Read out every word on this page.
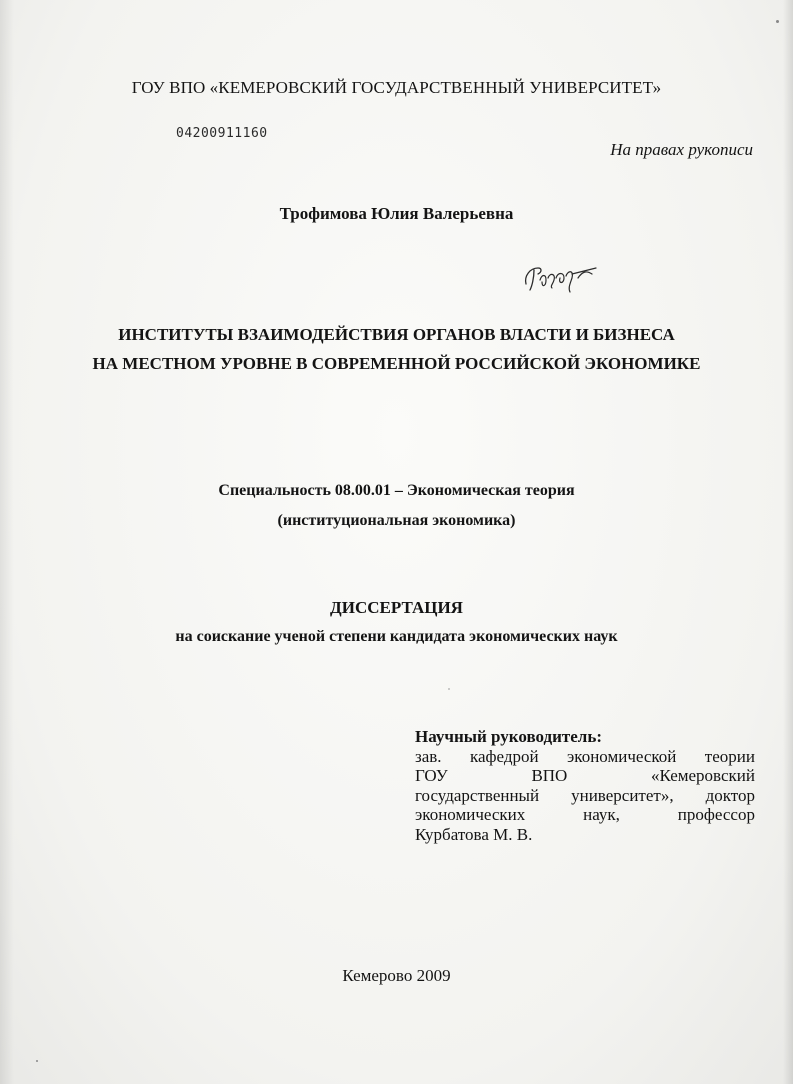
ГОУ ВПО «КЕМЕРОВСКИЙ ГОСУДАРСТВЕННЫЙ УНИВЕРСИТЕТ»
04200911160
На правах рукописи
Трофимова Юлия Валерьевна
ИНСТИТУТЫ ВЗАИМОДЕЙСТВИЯ ОРГАНОВ ВЛАСТИ И БИЗНЕСА
НА МЕСТНОМ УРОВНЕ В СОВРЕМЕННОЙ РОССИЙСКОЙ ЭКОНОМИКЕ
Специальность 08.00.01 – Экономическая теория
(институциональная экономика)
ДИССЕРТАЦИЯ
на соискание ученой степени кандидата экономических наук
Научный руководитель:
зав. кафедрой экономической теории
ГОУ	ВПО	«Кемеровский
государственный университет», доктор
экономических	наук,	профессор
Курбатова М. В.
Кемерово 2009
